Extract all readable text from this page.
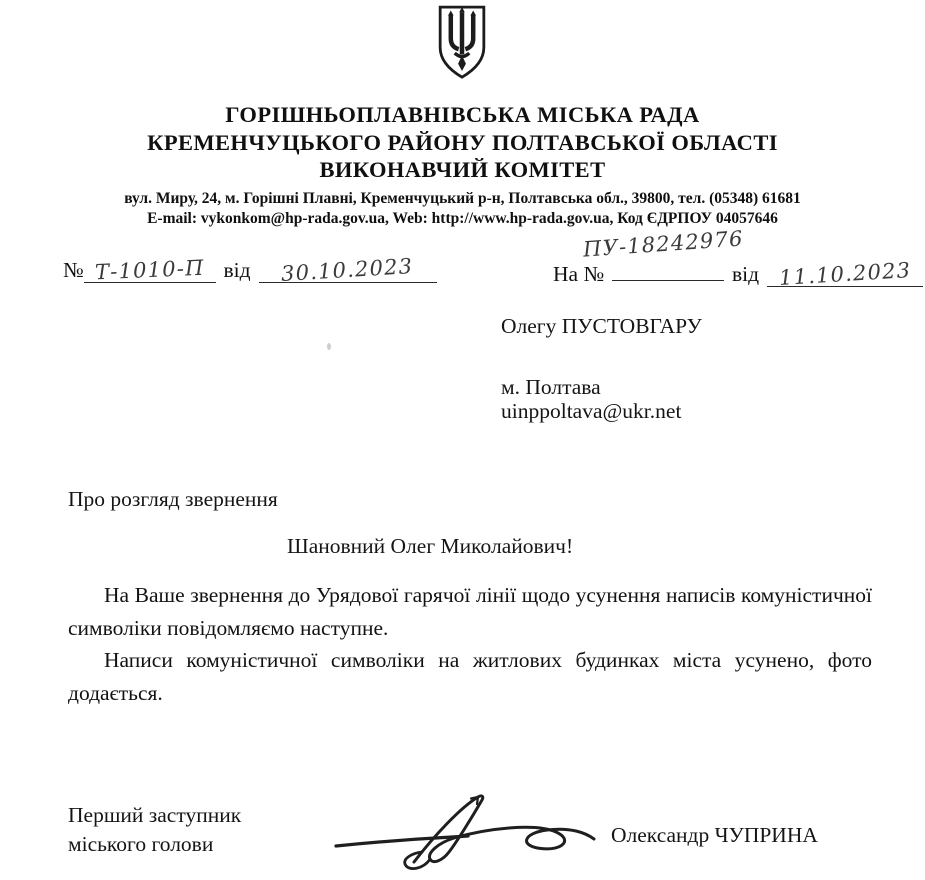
ГОРІШНЬОПЛАВНІВСЬКА МІСЬКА РАДА
КРЕМЕНЧУЦЬКОГО РАЙОНУ ПОЛТАВСЬКОЇ ОБЛАСТІ
ВИКОНАВЧИЙ КОМІТЕТ
вул. Миру, 24, м. Горішні Плавні, Кременчуцький р-н, Полтавська обл., 39800, тел. (05348) 61681
E-mail: vykonkom@hp-rada.gov.ua, Web: http://www.hp-rada.gov.ua, Код ЄДРПОУ 04057646
№ Т-1010-П від 30.10.2023
ПУ-18242976
На №	від 11.10.2023
Олегу ПУСТОВГАРУ
м. Полтава
uinppoltava@ukr.net
Про розгляд звернення
Шановний Олег Миколайович!

На Ваше звернення до Урядової гарячої лінії щодо усунення написів комуністичної символіки повідомляємо наступне.

Написи комуністичної символіки на житлових будинках міста усунено, фото додається.

Перший заступник
міського голови	Олександр ЧУПРИНА
